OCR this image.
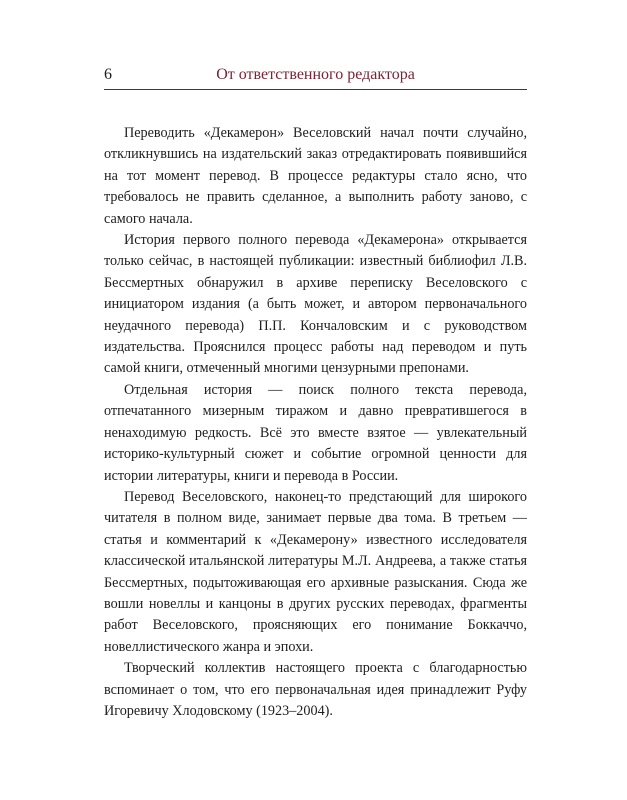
6	От ответственного редактора

Переводить «Декамерон» Веселовский начал почти случайно, откликнувшись на издательский заказ отредактировать появившийся на тот момент перевод. В процессе редактуры стало ясно, что требовалось не править сделанное, а выполнить работу заново, с самого начала.

История первого полного перевода «Декамерона» открывается только сейчас, в настоящей публикации: известный библиофил Л.В. Бессмертных обнаружил в архиве переписку Веселовского с инициатором издания (а быть может, и автором первоначального неудачного перевода) П.П. Кончаловским и с руководством издательства. Прояснился процесс работы над переводом и путь самой книги, отмеченный многими цензурными препонами.

Отдельная история — поиск полного текста перевода, отпечатанного мизерным тиражом и давно превратившегося в ненаходимую редкость. Всё это вместе взятое — увлекательный историко-культурный сюжет и событие огромной ценности для истории литературы, книги и перевода в России.

Перевод Веселовского, наконец-то предстающий для широкого читателя в полном виде, занимает первые два тома. В третьем — статья и комментарий к «Декамерону» известного исследователя классической итальянской литературы М.Л. Андреева, а также статья Бессмертных, подытоживающая его архивные разыскания. Сюда же вошли новеллы и канцоны в других русских переводах, фрагменты работ Веселовского, проясняющих его понимание Боккаччо, новеллистического жанра и эпохи.

Творческий коллектив настоящего проекта с благодарностью вспоминает о том, что его первоначальная идея принадлежит Руфу Игоревичу Хлодовскому (1923–2004).
